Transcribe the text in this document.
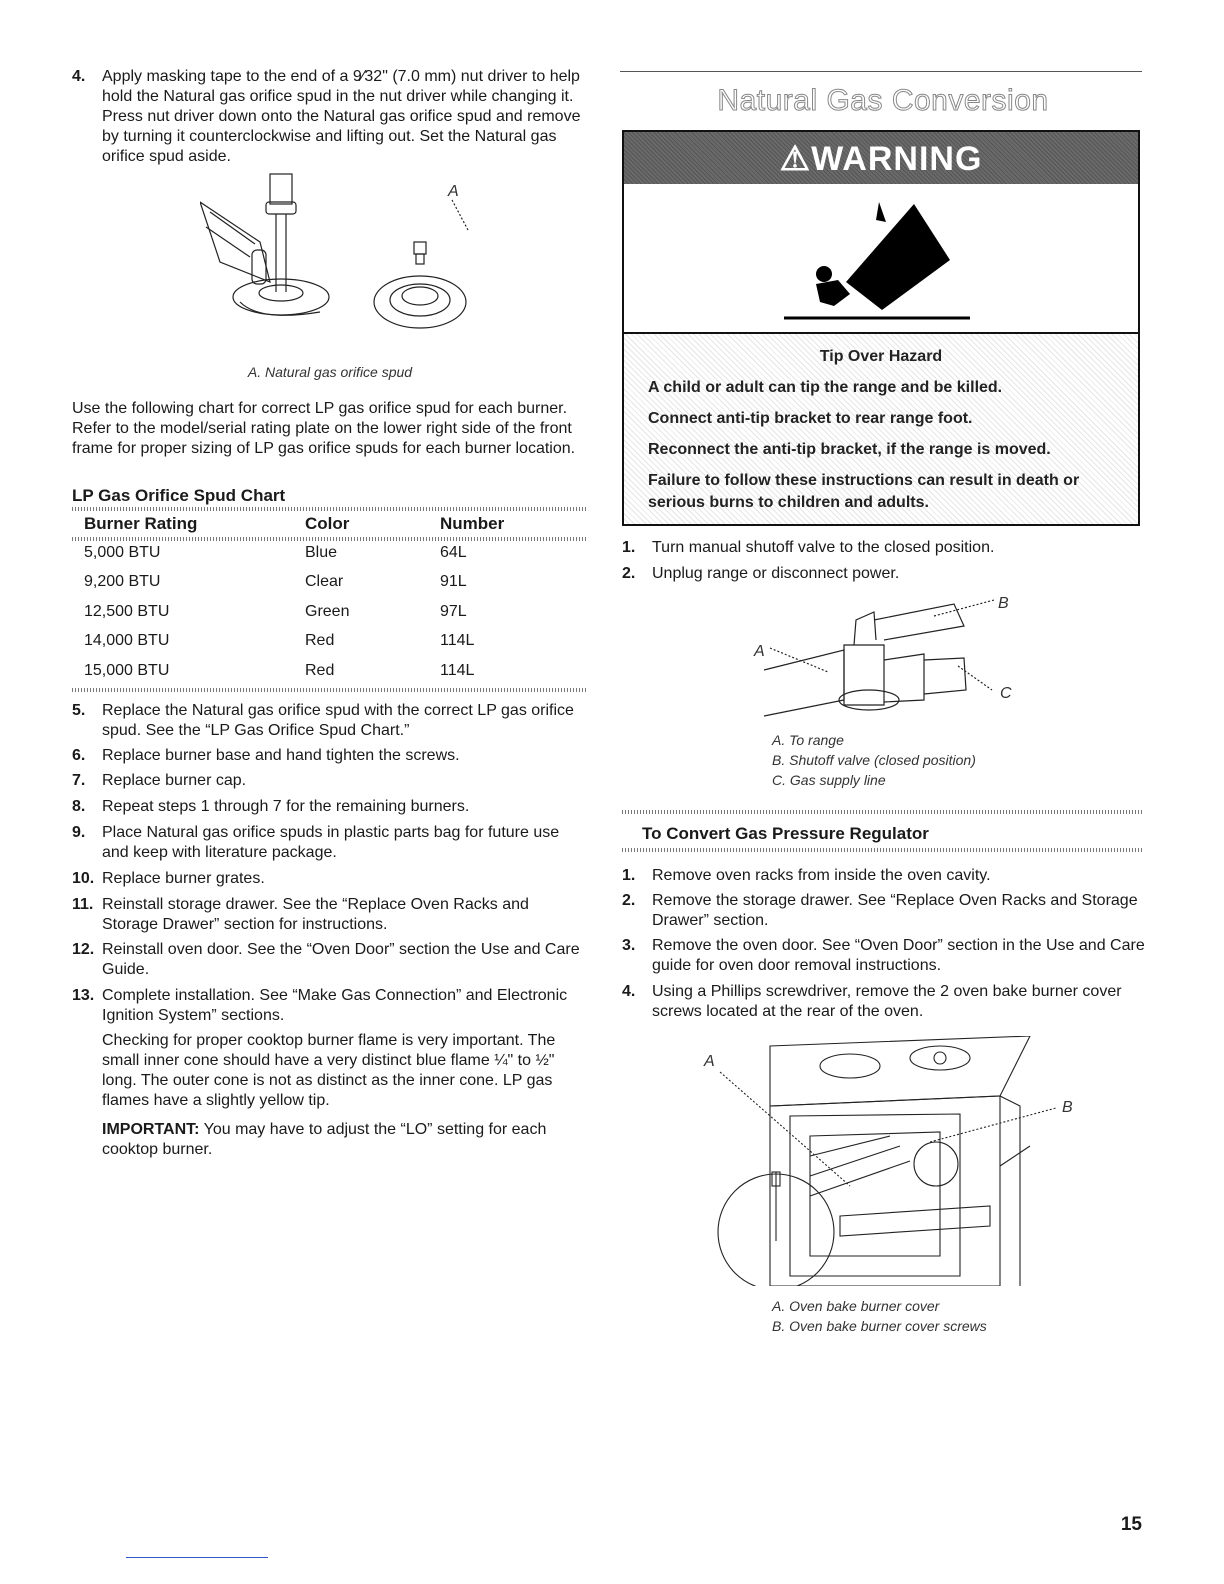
4. Apply masking tape to the end of a 9⁄32" (7.0 mm) nut driver to help hold the Natural gas orifice spud in the nut driver while changing it. Press nut driver down onto the Natural gas orifice spud and remove by turning it counterclockwise and lifting out. Set the Natural gas orifice spud aside.
A
A. Natural gas orifice spud
Use the following chart for correct LP gas orifice spud for each burner. Refer to the model/serial rating plate on the lower right side of the front frame for proper sizing of LP gas orifice spuds for each burner location.
LP Gas Orifice Spud Chart
Burner Rating	Color	Number
5,000 BTU	Blue	64L
9,200 BTU	Clear	91L
12,500 BTU	Green	97L
14,000 BTU	Red	114L
15,000 BTU	Red	114L
5. Replace the Natural gas orifice spud with the correct LP gas orifice spud. See the “LP Gas Orifice Spud Chart.”
6. Replace burner base and hand tighten the screws.
7. Replace burner cap.
8. Repeat steps 1 through 7 for the remaining burners.
9. Place Natural gas orifice spuds in plastic parts bag for future use and keep with literature package.
10. Replace burner grates.
11. Reinstall storage drawer. See the “Replace Oven Racks and Storage Drawer” section for instructions.
12. Reinstall oven door. See the “Oven Door” section the Use and Care Guide.
13. Complete installation. See “Make Gas Connection” and Electronic Ignition System” sections.
Checking for proper cooktop burner flame is very important. The small inner cone should have a very distinct blue flame ¼" to ½" long. The outer cone is not as distinct as the inner cone. LP gas flames have a slightly yellow tip.
IMPORTANT: You may have to adjust the “LO” setting for each cooktop burner.
Natural Gas Conversion
⚠WARNING
Tip Over Hazard
A child or adult can tip the range and be killed.
Connect anti-tip bracket to rear range foot.
Reconnect the anti-tip bracket, if the range is moved.
Failure to follow these instructions can result in death or serious burns to children and adults.
1. Turn manual shutoff valve to the closed position.
2. Unplug range or disconnect power.
A
B
C
A. To range
B. Shutoff valve (closed position)
C. Gas supply line
To Convert Gas Pressure Regulator
1. Remove oven racks from inside the oven cavity.
2. Remove the storage drawer. See “Replace Oven Racks and Storage Drawer” section.
3. Remove the oven door. See “Oven Door” section in the Use and Care guide for oven door removal instructions.
4. Using a Phillips screwdriver, remove the 2 oven bake burner cover screws located at the rear of the oven.
A
B
A. Oven bake burner cover
B. Oven bake burner cover screws
15
